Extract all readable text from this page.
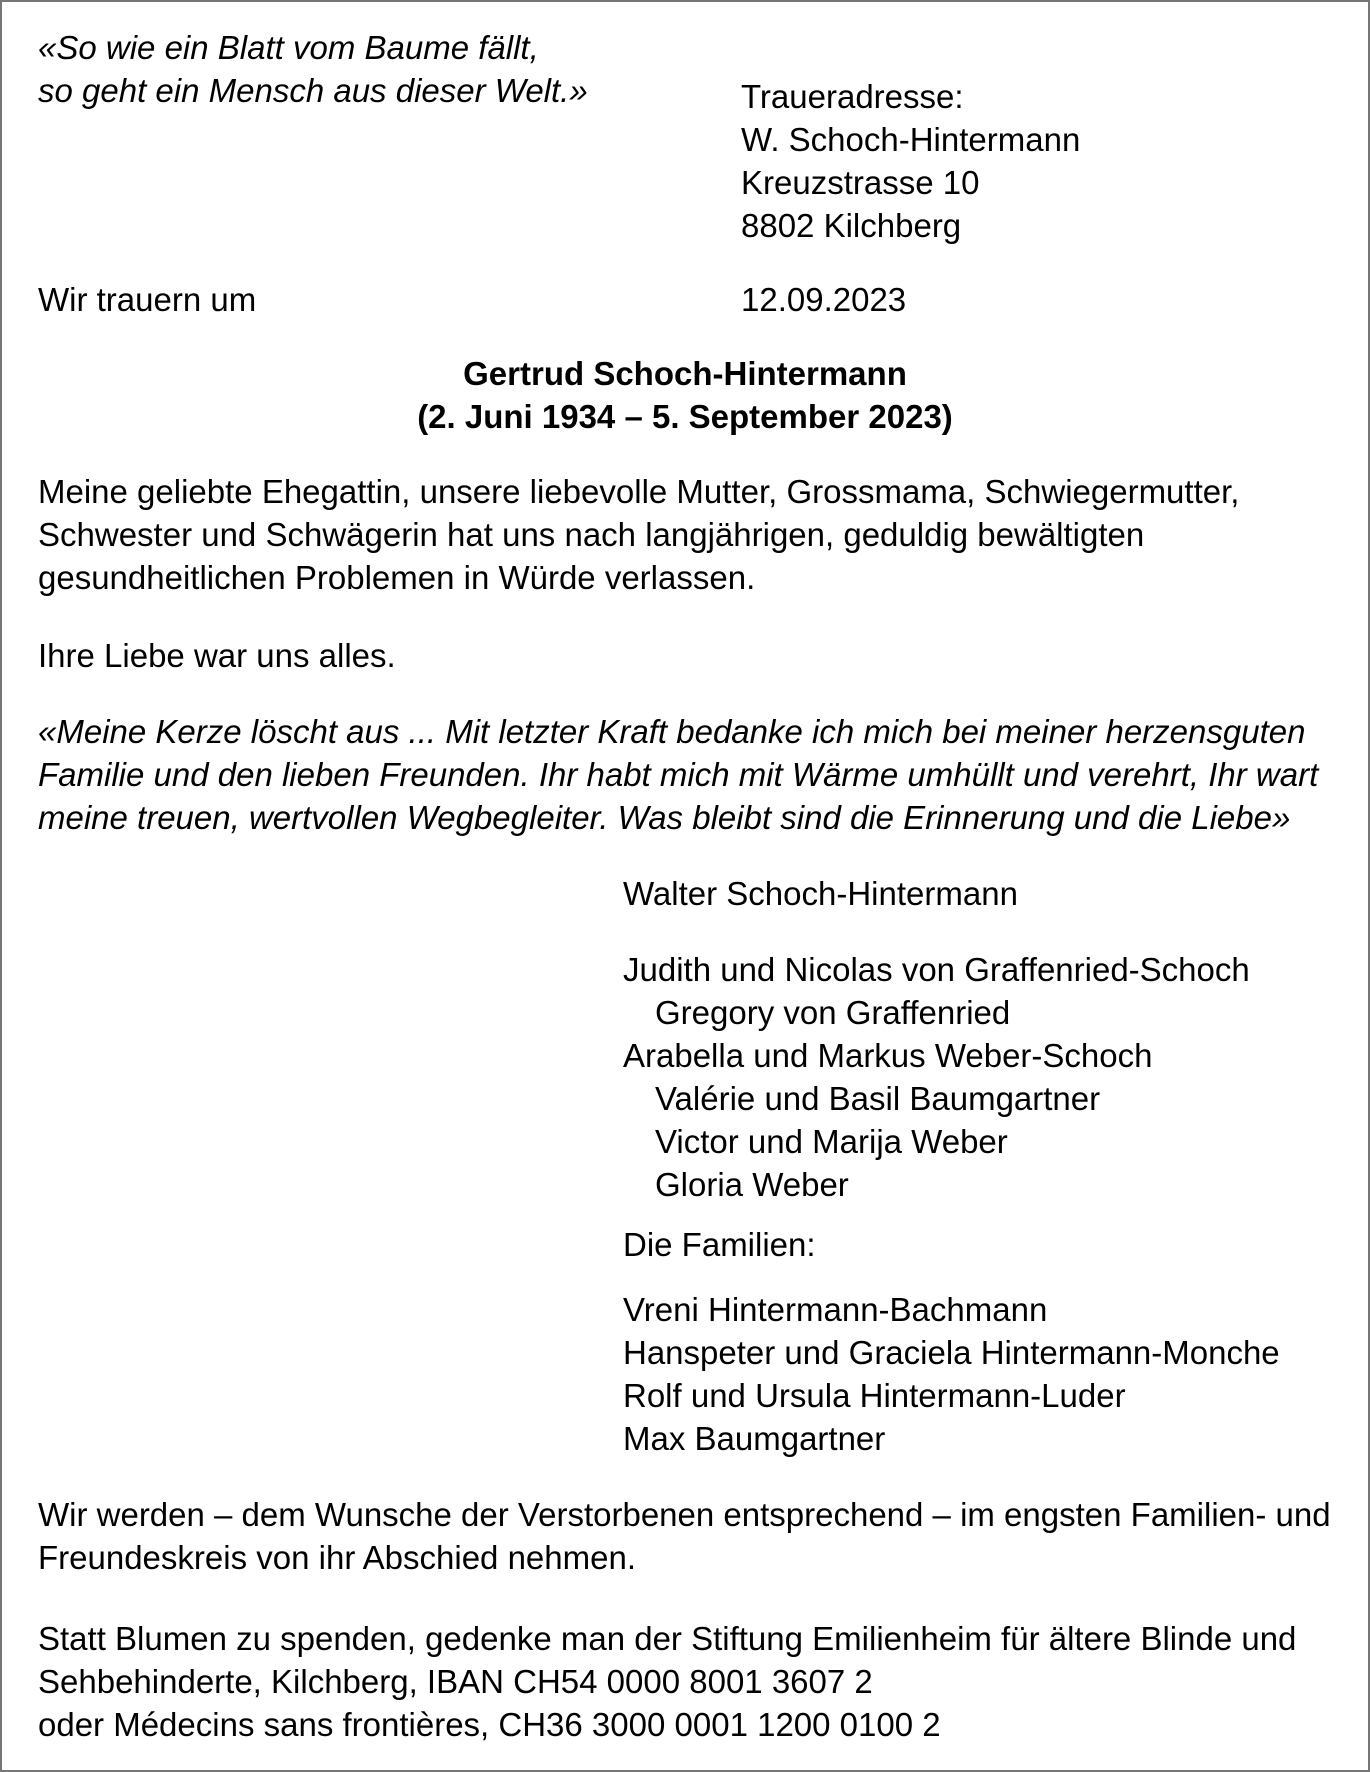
«So wie ein Blatt vom Baume fällt,
so geht ein Mensch aus dieser Welt.»	Traueradresse:
W. Schoch-Hintermann
Kreuzstrasse 10
8802 Kilchberg
Wir trauern um	12.09.2023
Gertrud Schoch-Hintermann
(2. Juni 1934 – 5. September 2023)
Meine geliebte Ehegattin, unsere liebevolle Mutter, Grossmama, Schwiegermutter,
Schwester und Schwägerin hat uns nach langjährigen, geduldig bewältigten
gesundheitlichen Problemen in Würde verlassen.
Ihre Liebe war uns alles.
«Meine Kerze löscht aus ... Mit letzter Kraft bedanke ich mich bei meiner herzensguten
Familie und den lieben Freunden. Ihr habt mich mit Wärme umhüllt und verehrt, Ihr wart
meine treuen, wertvollen Wegbegleiter. Was bleibt sind die Erinnerung und die Liebe»
Walter Schoch-Hintermann
Judith und Nicolas von Graffenried-Schoch
Gregory von Graffenried
Arabella und Markus Weber-Schoch
Valérie und Basil Baumgartner
Victor und Marija Weber
Gloria Weber
Die Familien:
Vreni Hintermann-Bachmann
Hanspeter und Graciela Hintermann-Monche
Rolf und Ursula Hintermann-Luder
Max Baumgartner
Wir werden – dem Wunsche der Verstorbenen entsprechend – im engsten Familien- und
Freundeskreis von ihr Abschied nehmen.
Statt Blumen zu spenden, gedenke man der Stiftung Emilienheim für ältere Blinde und
Sehbehinderte, Kilchberg, IBAN CH54 0000 8001 3607 2
oder Médecins sans frontières, CH36 3000 0001 1200 0100 2
